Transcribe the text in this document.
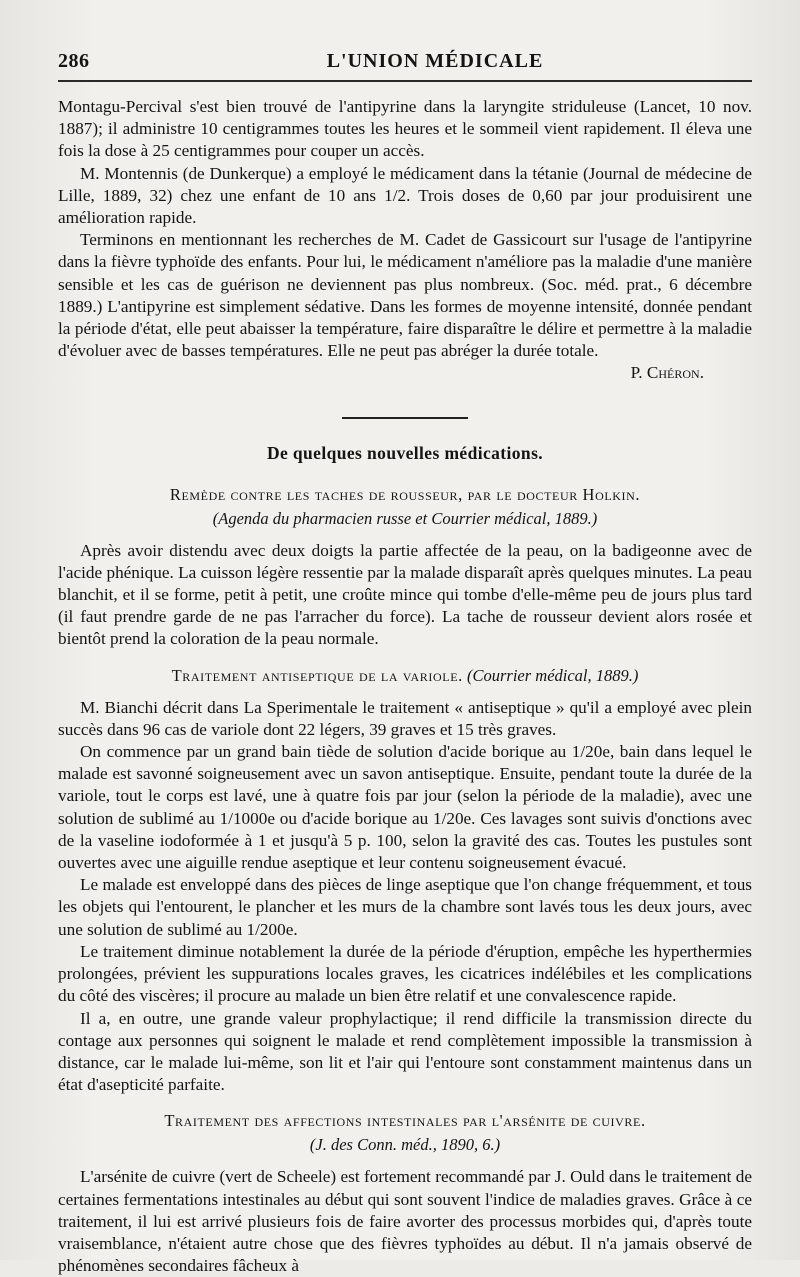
286	L'UNION MÉDICALE

Montagu-Percival s'est bien trouvé de l'antipyrine dans la laryngite striduleuse (Lancet, 10 nov. 1887); il administre 10 centigrammes toutes les heures et le sommeil vient rapidement. Il éleva une fois la dose à 25 centigrammes pour couper un accès.

M. Montennis (de Dunkerque) a employé le médicament dans la tétanie (Journal de médecine de Lille, 1889, 32) chez une enfant de 10 ans 1/2. Trois doses de 0,60 par jour produisirent une amélioration rapide.

Terminons en mentionnant les recherches de M. Cadet de Gassicourt sur l'usage de l'antipyrine dans la fièvre typhoïde des enfants. Pour lui, le médicament n'améliore pas la maladie d'une manière sensible et les cas de guérison ne deviennent pas plus nombreux. (Soc. méd. prat., 6 décembre 1889.) L'antipyrine est simplement sédative. Dans les formes de moyenne intensité, donnée pendant la période d'état, elle peut abaisser la température, faire disparaître le délire et permettre à la maladie d'évoluer avec de basses températures. Elle ne peut pas abréger la durée totale.

P. Chéron.

De quelques nouvelles médications.
Remède contre les taches de rousseur, par le docteur Holkin.
(Agenda du pharmacien russe et Courrier médical, 1889.)

Après avoir distendu avec deux doigts la partie affectée de la peau, on la badigeonne avec de l'acide phénique. La cuisson légère ressentie par la malade disparaît après quelques minutes. La peau blanchit, et il se forme, petit à petit, une croûte mince qui tombe d'elle-même peu de jours plus tard (il faut prendre garde de ne pas l'arracher du force). La tache de rousseur devient alors rosée et bientôt prend la coloration de la peau normale.

Traitement antiseptique de la variole. (Courrier médical, 1889.)

M. Bianchi décrit dans La Sperimentale le traitement « antiseptique » qu'il a employé avec plein succès dans 96 cas de variole dont 22 légers, 39 graves et 15 très graves.

On commence par un grand bain tiède de solution d'acide borique au 1/20e, bain dans lequel le malade est savonné soigneusement avec un savon antiseptique. Ensuite, pendant toute la durée de la variole, tout le corps est lavé, une à quatre fois par jour (selon la période de la maladie), avec une solution de sublimé au 1/1000e ou d'acide borique au 1/20e. Ces lavages sont suivis d'onctions avec de la vaseline iodoformée à 1 et jusqu'à 5 p. 100, selon la gravité des cas. Toutes les pustules sont ouvertes avec une aiguille rendue aseptique et leur contenu soigneusement évacué.

Le malade est enveloppé dans des pièces de linge aseptique que l'on change fréquemment, et tous les objets qui l'entourent, le plancher et les murs de la chambre sont lavés tous les deux jours, avec une solution de sublimé au 1/200e.

Le traitement diminue notablement la durée de la période d'éruption, empêche les hyperthermies prolongées, prévient les suppurations locales graves, les cicatrices indélébiles et les complications du côté des viscères; il procure au malade un bien être relatif et une convalescence rapide.

Il a, en outre, une grande valeur prophylactique; il rend difficile la transmission directe du contage aux personnes qui soignent le malade et rend complètement impossible la transmission à distance, car le malade lui-même, son lit et l'air qui l'entoure sont constamment maintenus dans un état d'asepticité parfaite.

Traitement des affections intestinales par l'arsénite de cuivre.
(J. des Conn. méd., 1890, 6.)

L'arsénite de cuivre (vert de Scheele) est fortement recommandé par J. Ould dans le traitement de certaines fermentations intestinales au début qui sont souvent l'indice de maladies graves. Grâce à ce traitement, il lui est arrivé plusieurs fois de faire avorter des processus morbides qui, d'après toute vraisemblance, n'étaient autre chose que des fièvres typhoïdes au début. Il n'a jamais observé de phénomènes secondaires fâcheux à
